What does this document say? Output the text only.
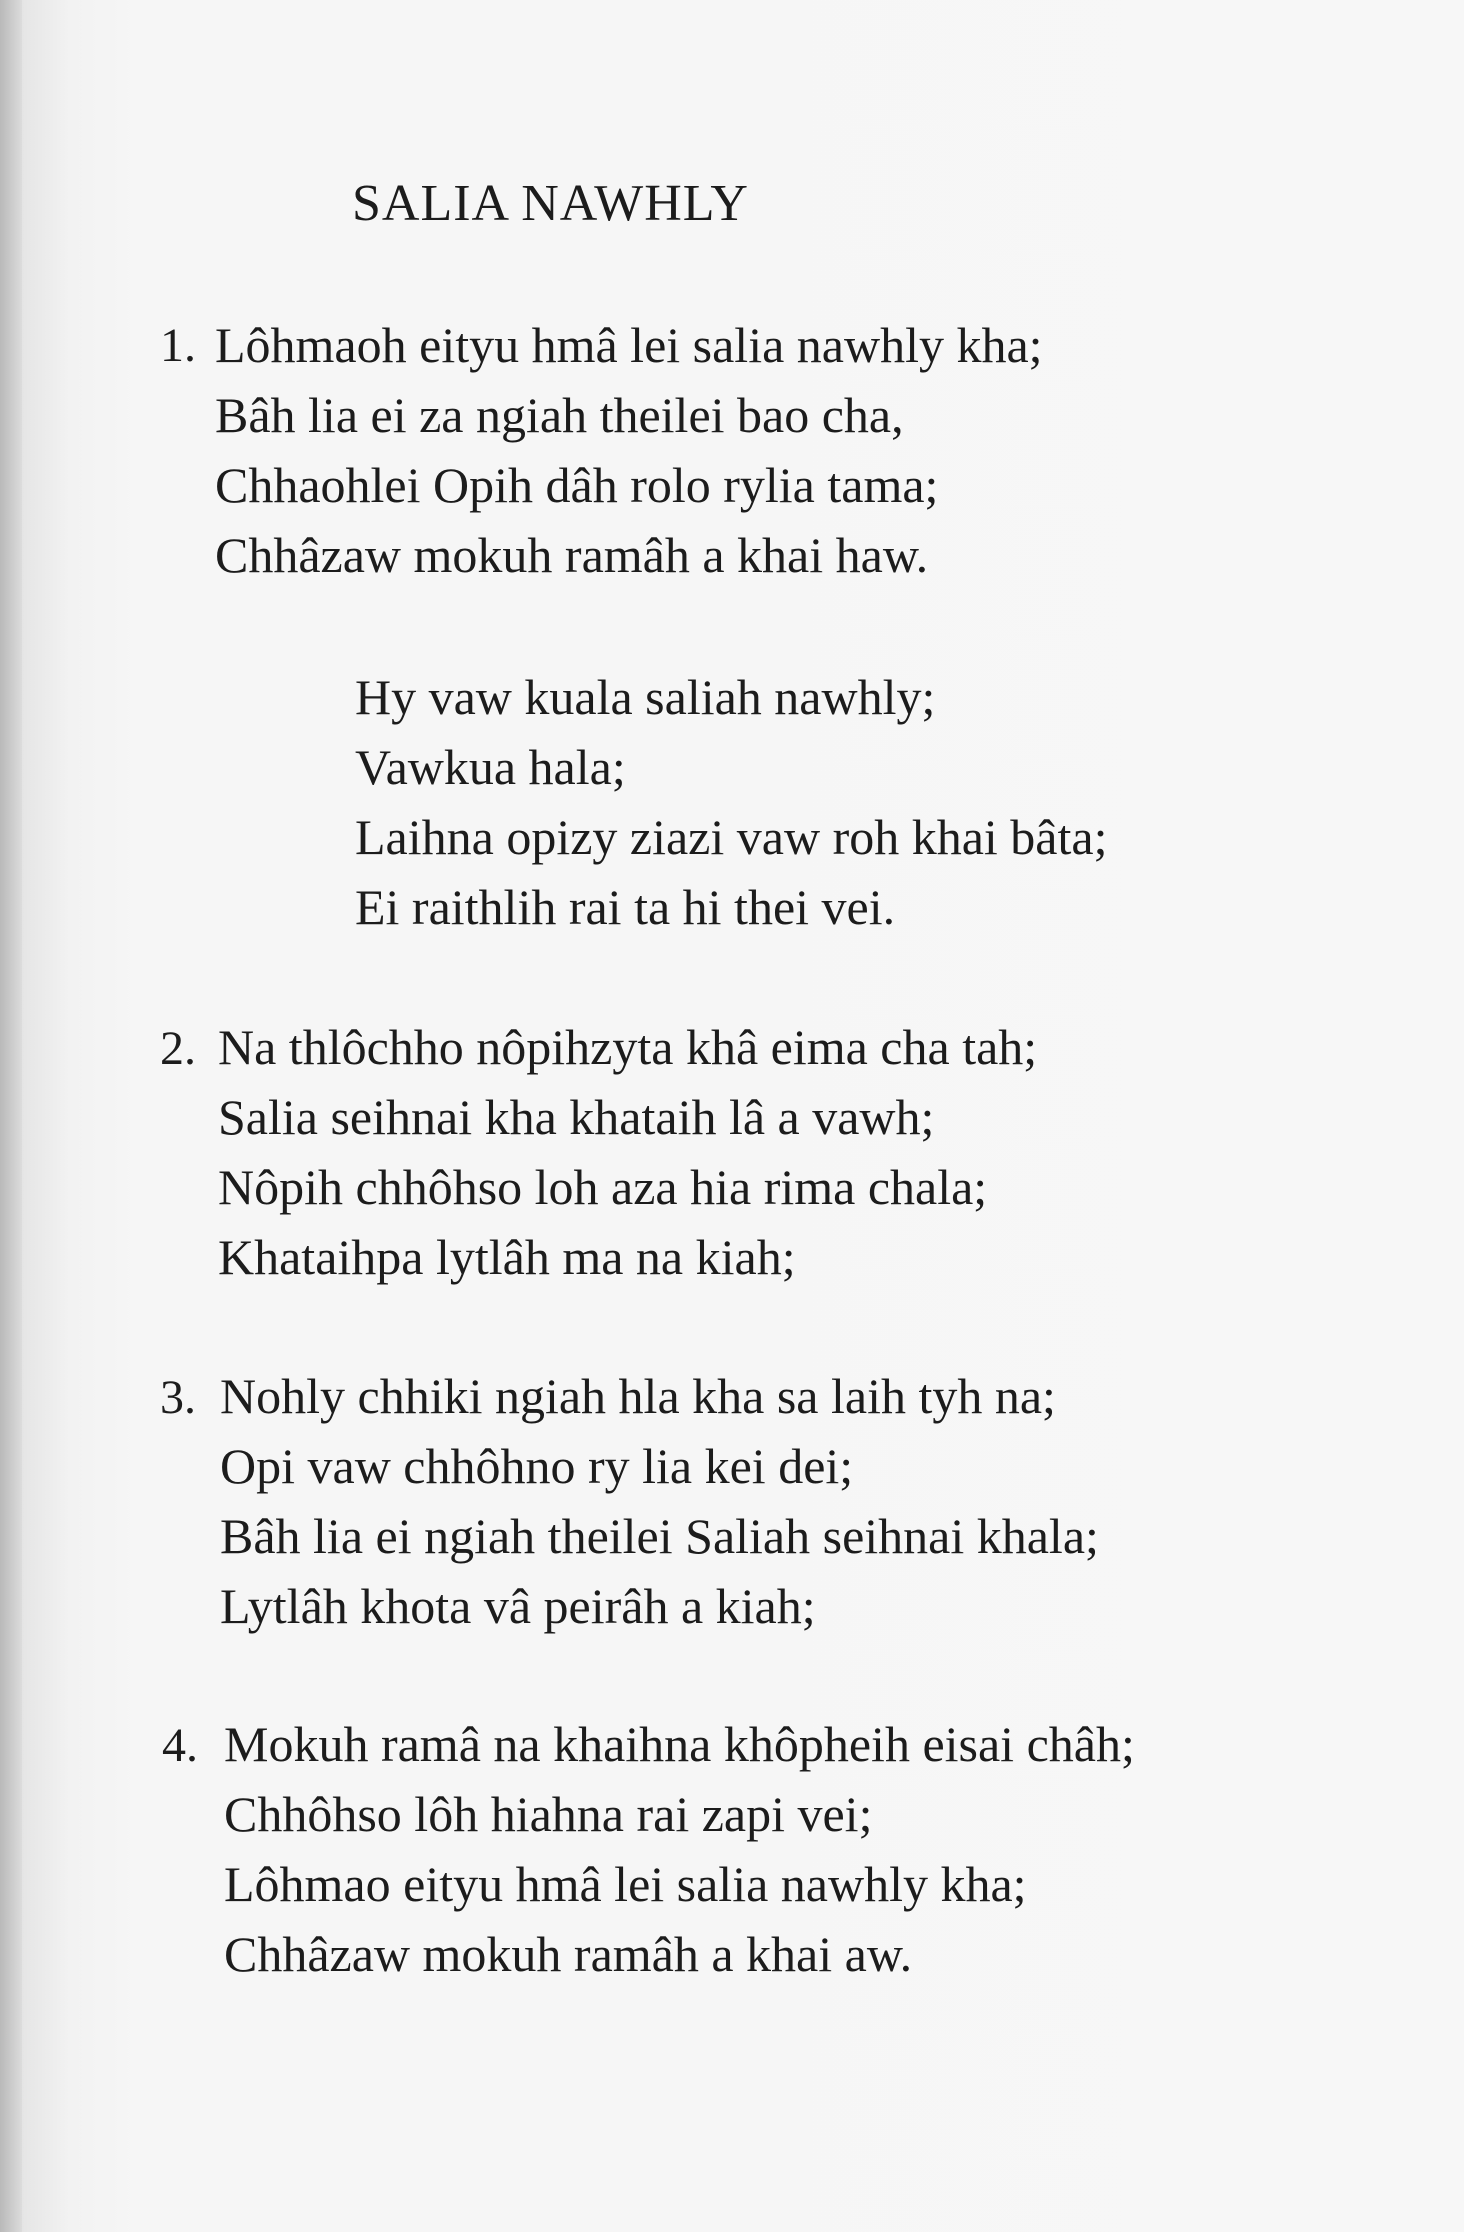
SALIA NAWHLY
1. Lôhmaoh eityu hmâ lei salia nawhly kha;
Bâh lia ei za ngiah theilei bao cha,
Chhaohlei Opih dâh rolo rylia tama;
Chhâzaw mokuh ramâh a khai haw.
Hy vaw kuala saliah nawhly;
Vawkua hala;
Laihna opizy ziazi vaw roh khai bâta;
Ei raithlih rai ta hi thei vei.
2. Na thlôchho nôpihzyta khâ eima cha tah;
Salia seihnai kha khataih lâ a vawh;
Nôpih chhôhso loh aza hia rima chala;
Khataihpa lytlâh ma na kiah;
3. Nohly chhiki ngiah hla kha sa laih tyh na;
Opi vaw chhôhno ry lia kei dei;
Bâh lia ei ngiah theilei Saliah seihnai khala;
Lytlâh khota vâ peirâh a kiah;
4. Mokuh ramâ na khaihna khôpheih eisai châh;
Chhôhso lôh hiahna rai zapi vei;
Lôhmao eityu hmâ lei salia nawhly kha;
Chhâzaw mokuh ramâh a khai aw.
